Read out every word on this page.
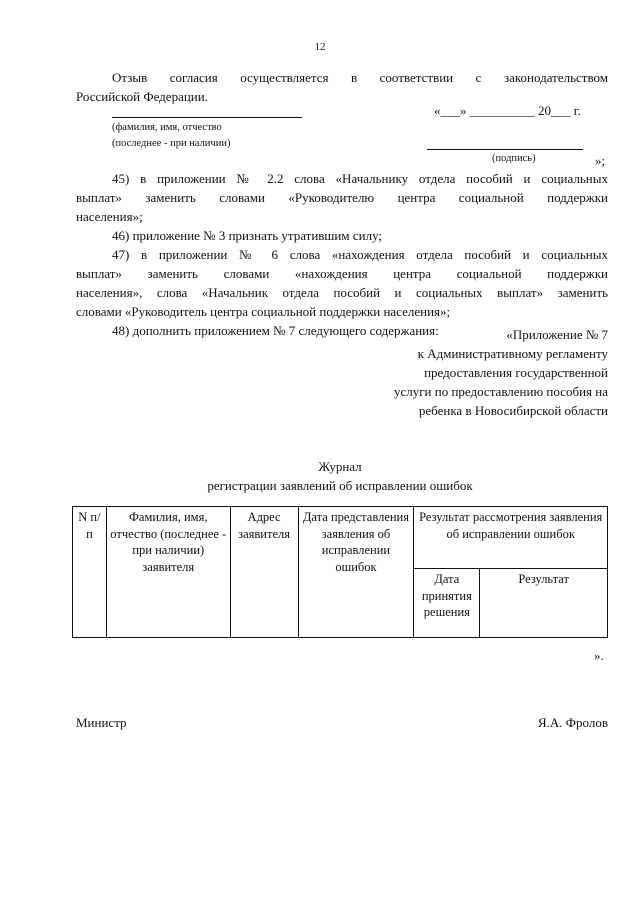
12
Отзыв согласия осуществляется в соответствии с законодательством
Российской Федерации.
«___» __________ 20___ г.
(фамилия, имя, отчество
(последнее - при наличии)
(подпись)	»;
45) в приложении № 2.2 слова «Начальнику отдела пособий и социальных
выплат» заменить словами «Руководителю центра социальной поддержки
населения»;
46) приложение № 3 признать утратившим силу;
47) в приложении № 6 слова «нахождения отдела пособий и социальных
выплат» заменить словами «нахождения центра социальной поддержки
населения», слова «Начальник отдела пособий и социальных выплат» заменить
словами «Руководитель центра социальной поддержки населения»;
48) дополнить приложением № 7 следующего содержания:	«Приложение № 7
к Административному регламенту
предоставления государственной
услуги по предоставлению пособия на
ребенка в Новосибирской области
Журнал
регистрации заявлений об исправлении ошибок
N п/п	Фамилия, имя, отчество (последнее - при наличии) заявителя	Адрес заявителя	Дата представления заявления об исправлении ошибок	Результат рассмотрения заявления об исправлении ошибок	
				Дата принятия решения	Результат
».
Министр	Я.А. Фролов
